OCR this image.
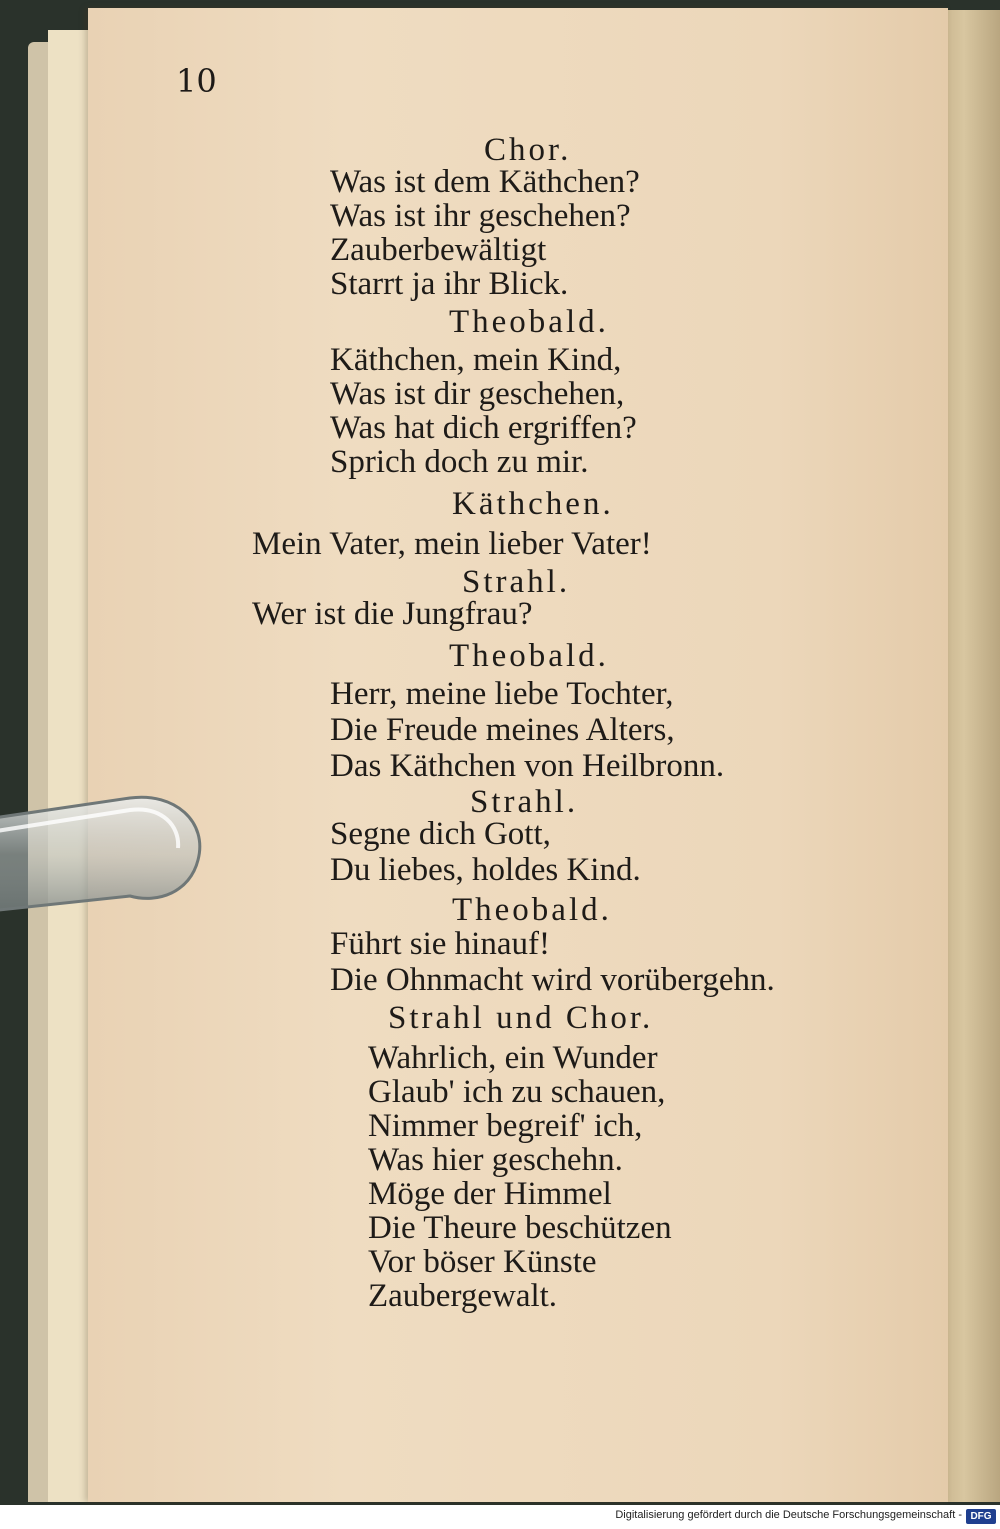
10
Chor.
Was ist dem Käthchen?
Was ist ihr geschehen?
Zauberbewältigt
Starrt ja ihr Blick.
Theobald.
Käthchen, mein Kind,
Was ist dir geschehen,
Was hat dich ergriffen?
Sprich doch zu mir.
Käthchen.
Mein Vater, mein lieber Vater!
Strahl.
Wer ist die Jungfrau?
Theobald.
Herr, meine liebe Tochter,
Die Freude meines Alters,
Das Käthchen von Heilbronn.
Strahl.
Segne dich Gott,
Du liebes, holdes Kind.
Theobald.
Führt sie hinauf!
Die Ohnmacht wird vorübergehn.
Strahl und Chor.
Wahrlich, ein Wunder
Glaub' ich zu schauen,
Nimmer begreif' ich,
Was hier geschehn.
Möge der Himmel
Die Theure beschützen
Vor böser Künste
Zaubergewalt.
Digitalisierung gefördert durch die Deutsche Forschungsgemeinschaft - DFG
